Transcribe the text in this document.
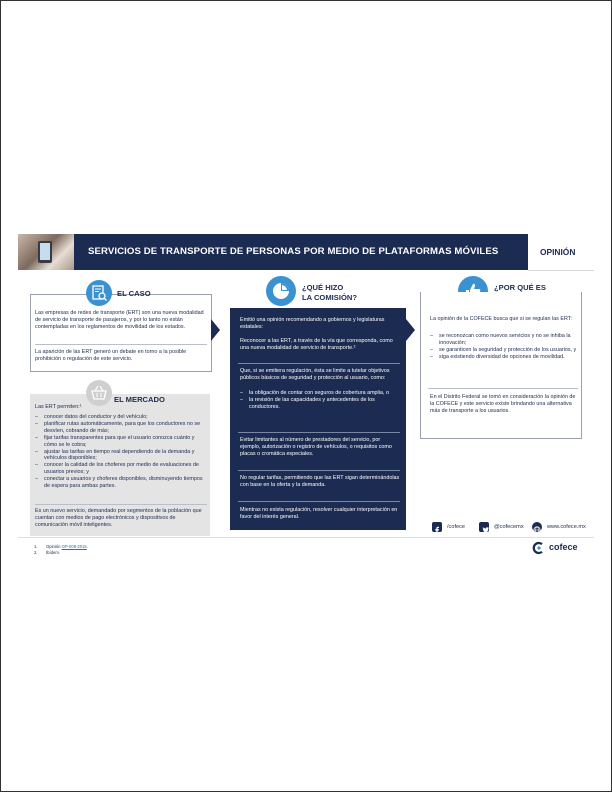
SERVICIOS DE TRANSPORTE DE PERSONAS POR MEDIO DE PLATAFORMAS MÓVILES	OPINIÓN
EL CASO
Las empresas de redes de transporte (ERT) son una nueva modalidad de servicio de transporte de pasajeros, y por lo tanto no están contempladas en los reglamentos de movilidad de los estados.
La aparición de las ERT generó un debate en torno a la posible prohibición o regulación de este servicio.
EL MERCADO
Las ERT permiten:¹
– conocer datos del conductor y del vehículo;
– planificar rutas automáticamente, para que los conductores no se desvíen, cobrando de más;
– fijar tarifas transparentes para que el usuario conozca cuánto y cómo se le cobra;
– ajustar las tarifas en tiempo real dependiendo de la demanda y vehículos disponibles;
– conocer la calidad de los choferes por medio de evaluaciones de usuarios previos; y
– conectar a usuarios y choferes disponibles, disminuyendo tiempos de espera para ambas partes.
Es un nuevo servicio, demandado por segmentos de la población que cuentan con medios de pago electrónicos y dispositivos de comunicación móvil inteligentes.
¿QUÉ HIZO
LA COMISIÓN?
Emitió una opinión recomendando a gobiernos y legislaturas estatales:
Reconocer a las ERT, a través de la vía que corresponda, como una nueva modalidad de servicio de transporte.²
Que, si se emitiera regulación, ésta se limite a tutelar objetivos públicos básicos de seguridad y protección al usuario, como:
– la obligación de contar con seguros de cobertura amplia, o
– la revisión de las capacidades y antecedentes de los conductores.
Evitar limitantes al número de prestadores del servicio, por ejemplo, autorización o registro de vehículos, o requisitos como placas o cromática especiales.
No regular tarifas, permitiendo que las ERT sigan determinándolas con base en la oferta y la demanda.
Mientras no exista regulación, resolver cualquier interpretación en favor del interés general.
¿POR QUÉ ES
La opinión de la COFECE busca que si se regulan las ERT:
– se reconozcan como nuevos servicios y no se inhiba la innovación;
– se garanticen la seguridad y protección de los usuarios, y
– siga existiendo diversidad de opciones de movilidad.
En el Distrito Federal se tomó en consideración la opinión de la COFECE y este servicio existe brindando una alternativa más de transporte a los usuarios.
/cofece	@cofecemx	www.cofece.mx
1. Opinión OP-008-2015.
2. Ibídem.
cofece
